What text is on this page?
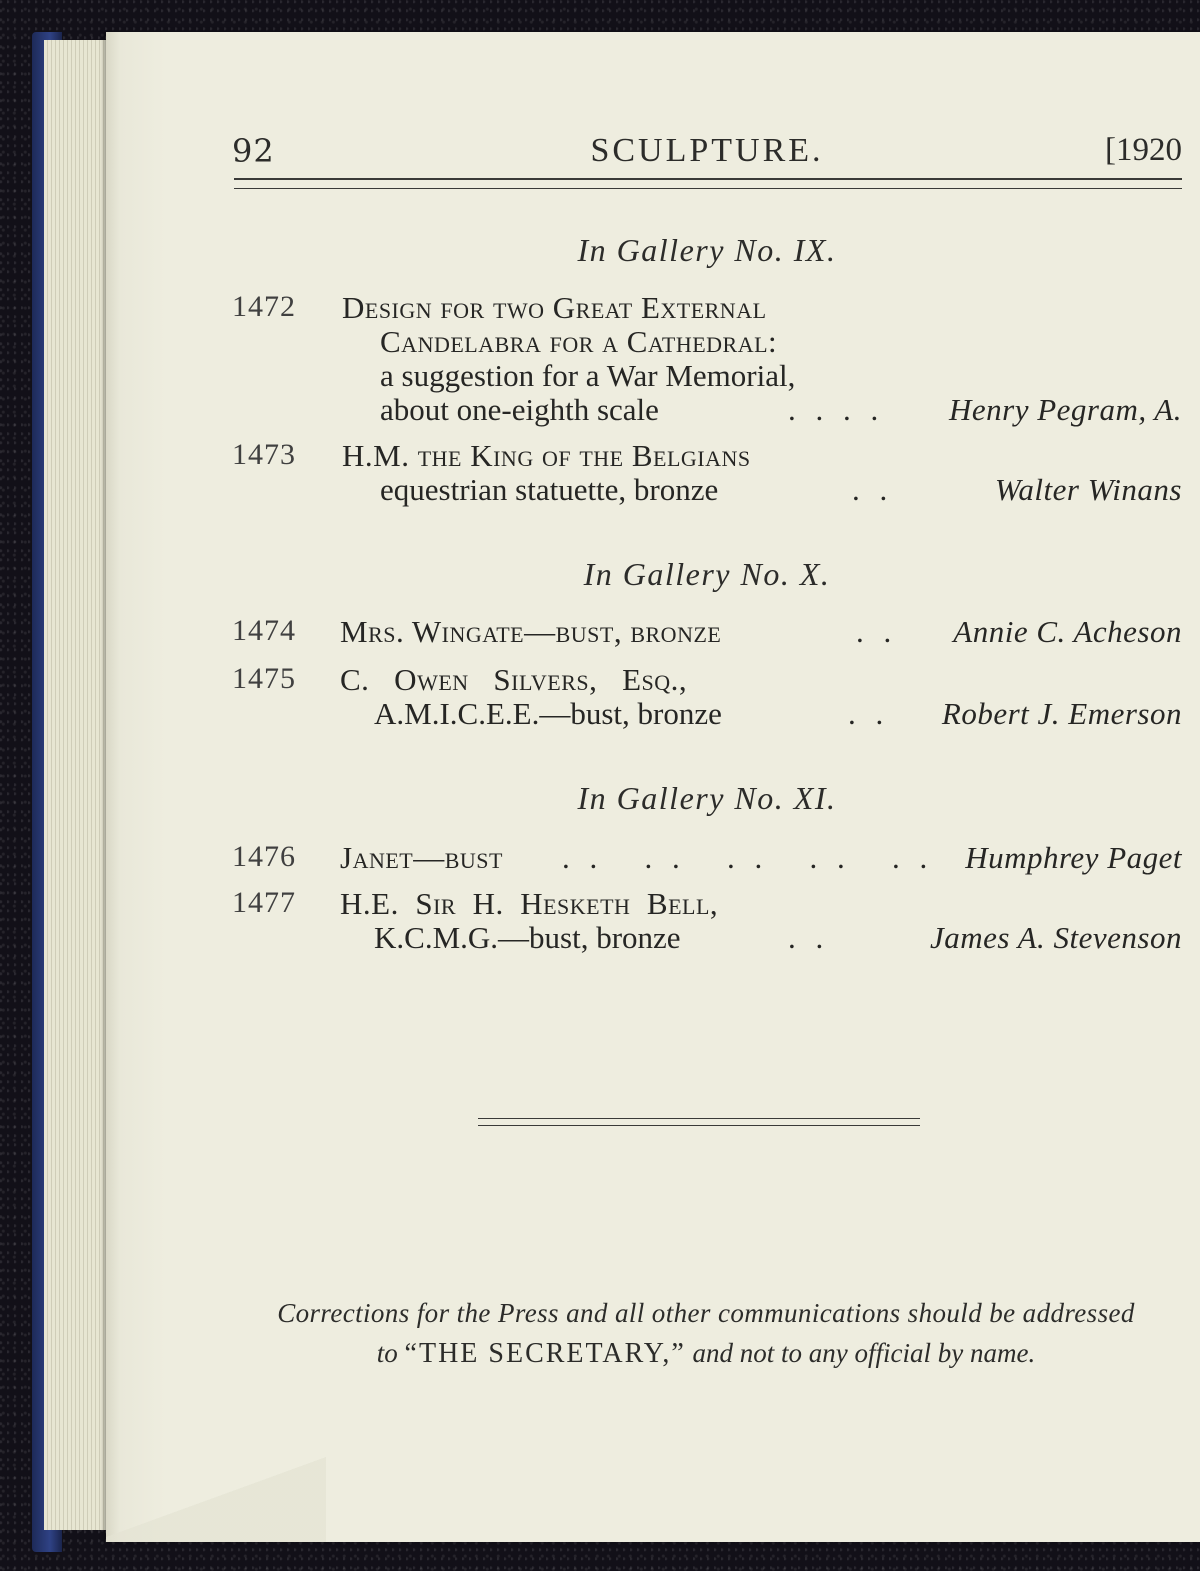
92	SCULPTURE.	[1920
In Gallery No. IX.
1472 Design for two Great External
Candelabra for a Cathedral:
a suggestion for a War Memorial,
about one-eighth scale	. . . . Henry Pegram, A.
1473 H.M. the King of the Belgians
equestrian statuette, bronze	. .	Walter Winans
In Gallery No. X.
1474 Mrs. Wingate—bust, bronze	. . Annie C. Acheson
1475 C.   Owen   Silvers,   Esq.,
A.M.I.C.E.E.—bust, bronze	. . Robert J. Emerson
In Gallery No. XI.
1476 Janet—bust . .   . .   . .   . .   . . Humphrey Paget
1477 H.E.  Sir  H.  Hesketh  Bell,
K.C.M.G.—bust, bronze	. .	James A. Stevenson
Corrections for the Press and all other communications should be addressed
to “THE SECRETARY,” and not to any official by name.
